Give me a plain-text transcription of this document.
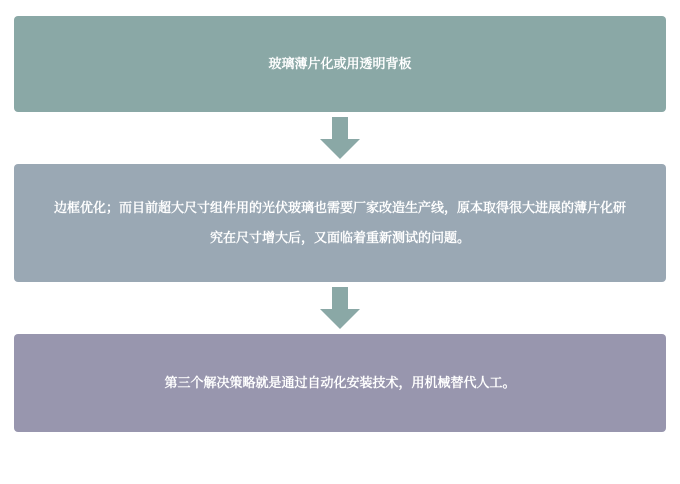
玻璃薄片化或用透明背板
边框优化；而目前超大尺寸组件用的光伏玻璃也需要厂家改造生产线，原本取得很大进展的薄片化研究在尺寸增大后，又面临着重新测试的问题。
第三个解决策略就是通过自动化安装技术，用机械替代人工。
